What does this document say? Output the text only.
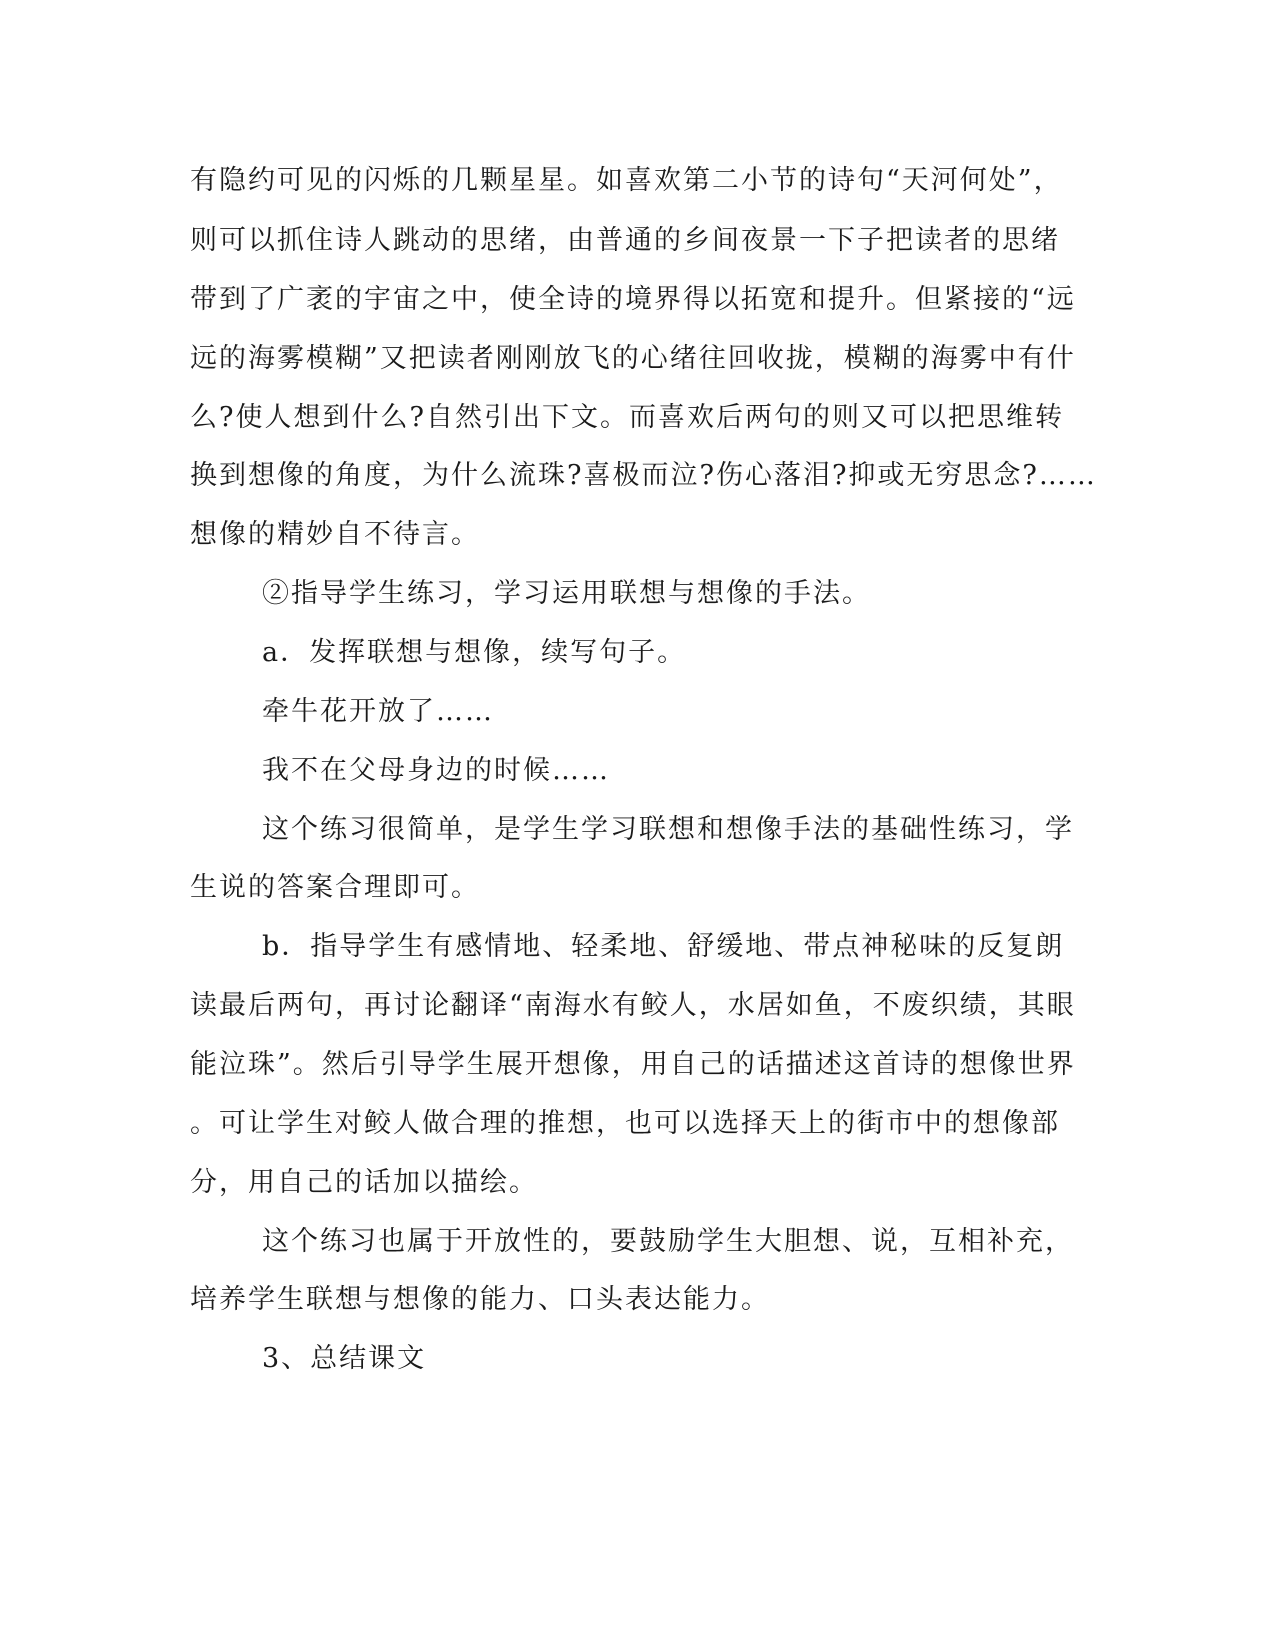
有隐约可见的闪烁的几颗星星。如喜欢第二小节的诗句“天河何处”，
则可以抓住诗人跳动的思绪，由普通的乡间夜景一下子把读者的思绪
带到了广袤的宇宙之中，使全诗的境界得以拓宽和提升。但紧接的“远
远的海雾模糊”又把读者刚刚放飞的心绪往回收拢，模糊的海雾中有什
么?使人想到什么?自然引出下文。而喜欢后两句的则又可以把思维转
换到想像的角度，为什么流珠?喜极而泣?伤心落泪?抑或无穷思念?……
想像的精妙自不待言。
②指导学生练习，学习运用联想与想像的手法。
a．发挥联想与想像，续写句子。
牵牛花开放了……
我不在父母身边的时候……
这个练习很简单，是学生学习联想和想像手法的基础性练习，学
生说的答案合理即可。
b．指导学生有感情地、轻柔地、舒缓地、带点神秘味的反复朗
读最后两句，再讨论翻译“南海水有鲛人，水居如鱼，不废织绩，其眼
能泣珠”。然后引导学生展开想像，用自己的话描述这首诗的想像世界
。可让学生对鲛人做合理的推想，也可以选择天上的街市中的想像部
分，用自己的话加以描绘。
这个练习也属于开放性的，要鼓励学生大胆想、说，互相补充，
培养学生联想与想像的能力、口头表达能力。
3、总结课文
